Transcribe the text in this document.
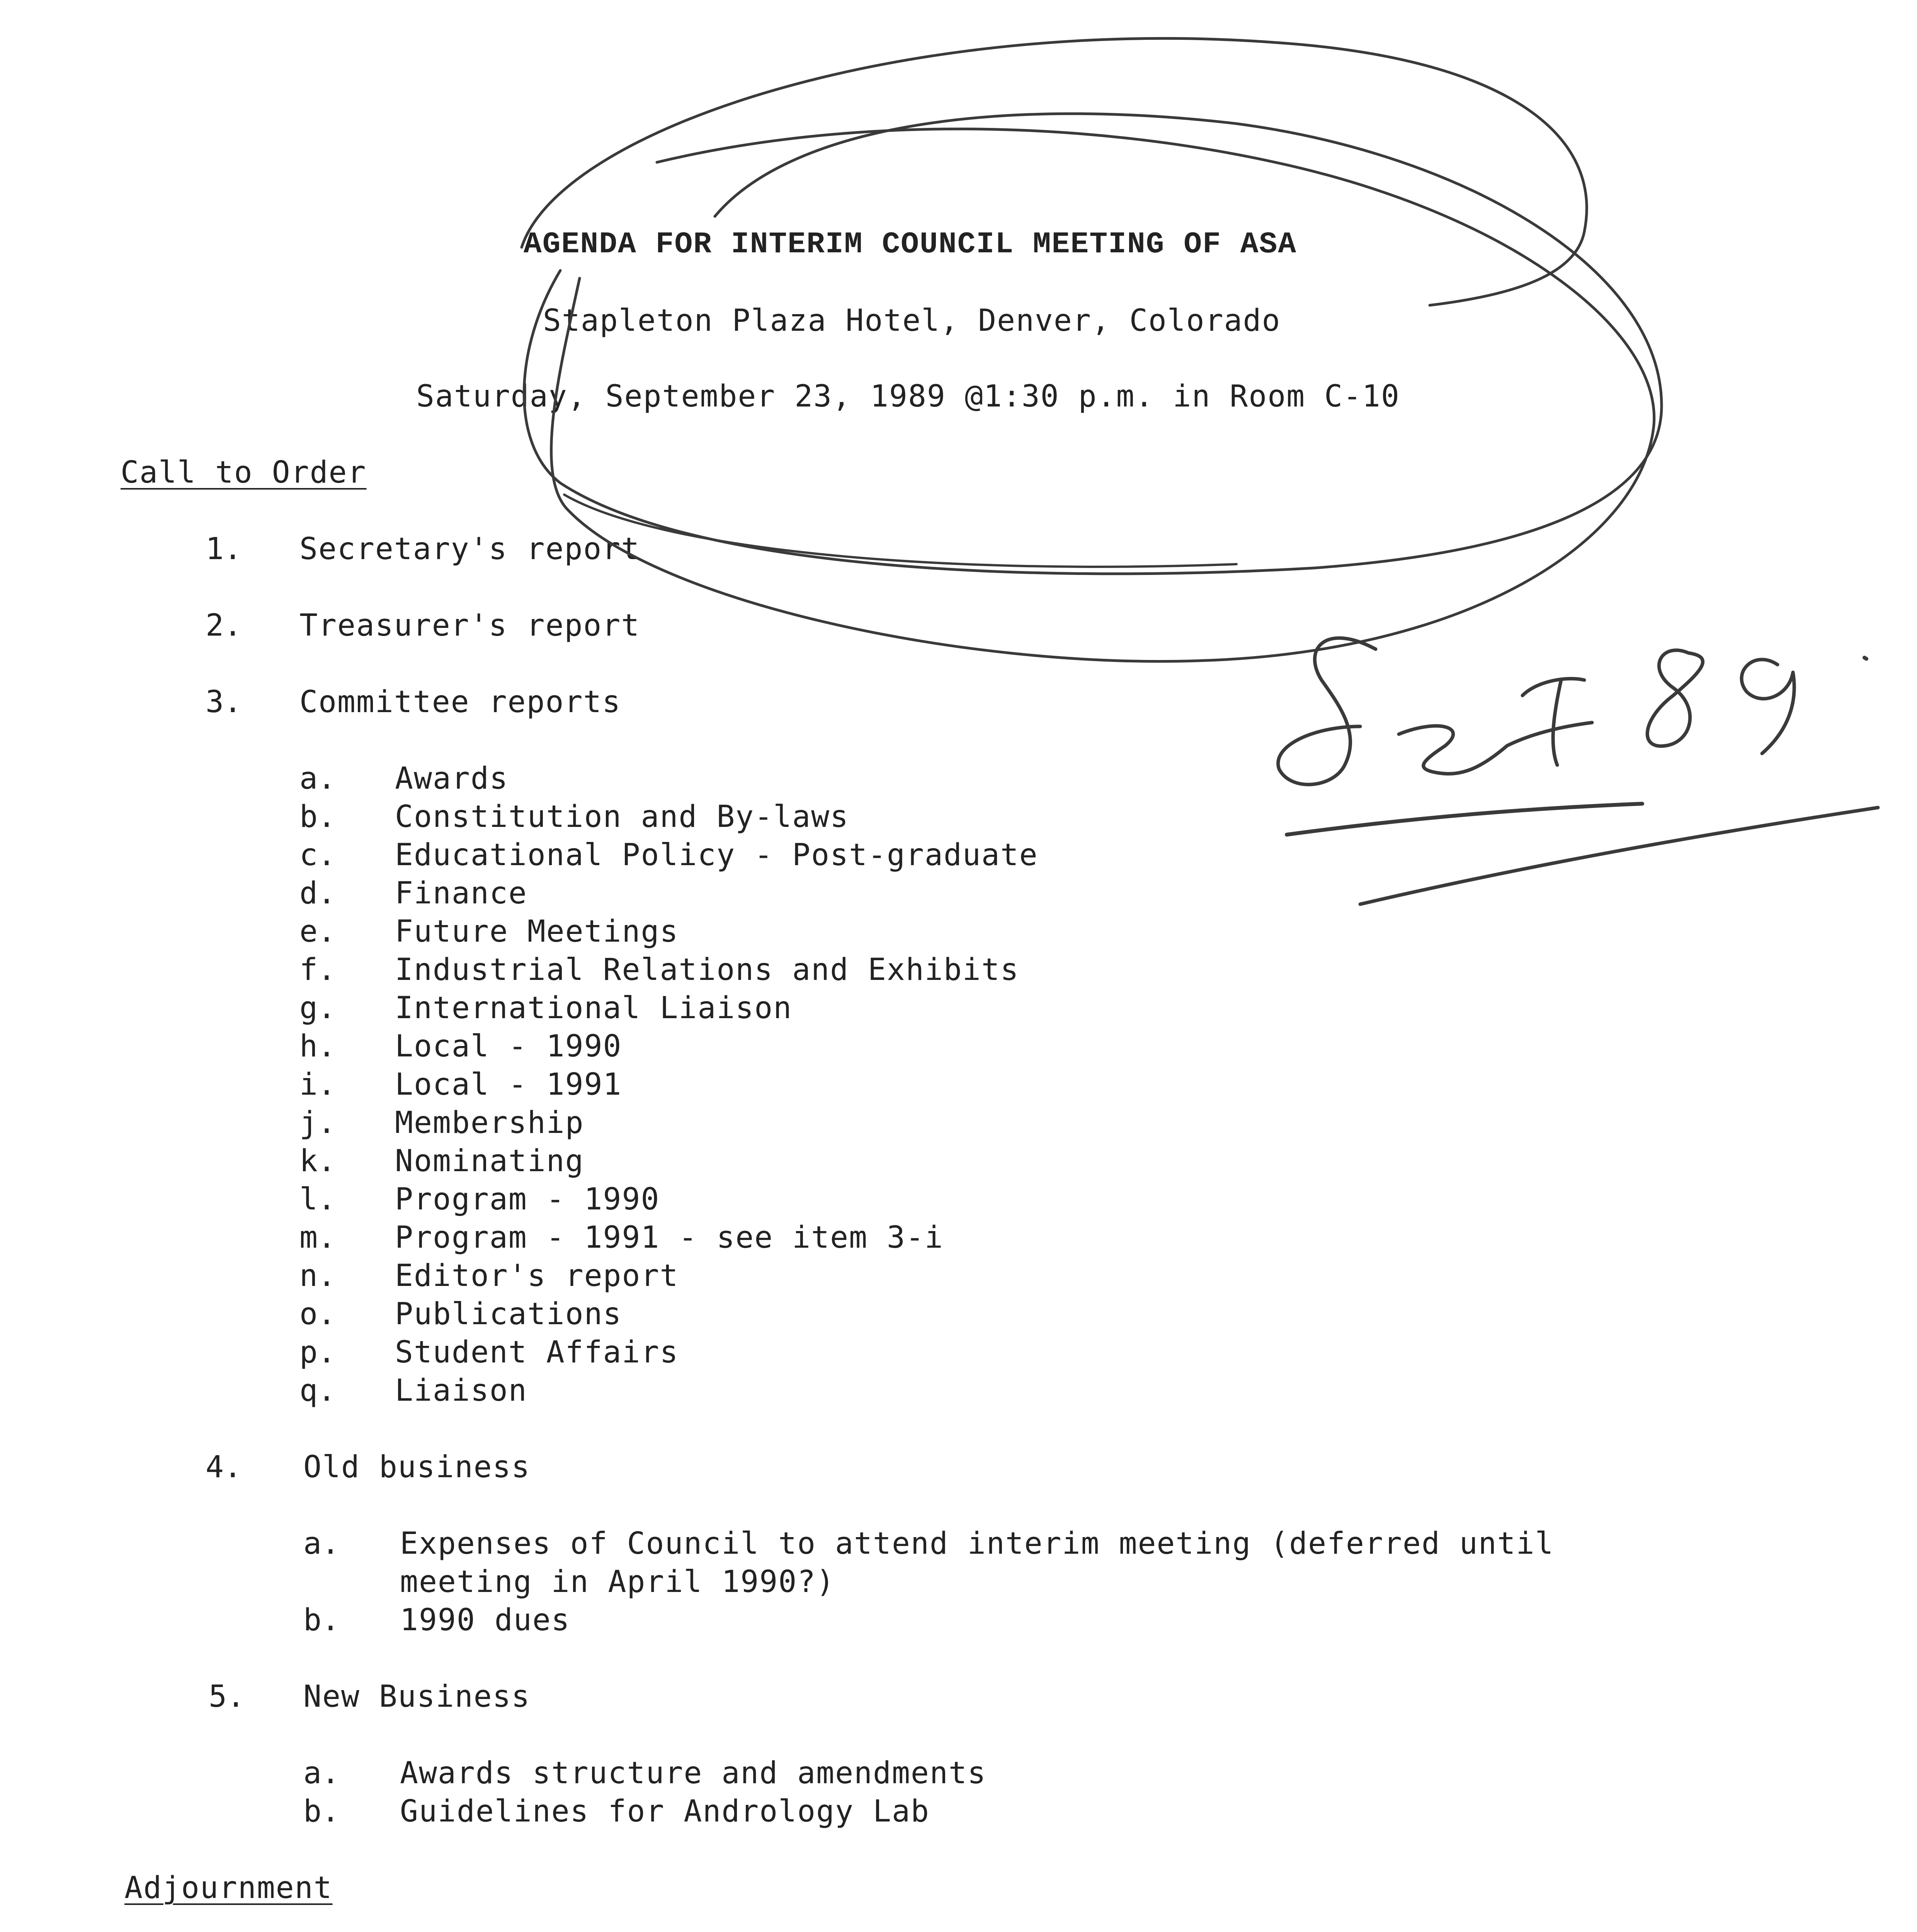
AGENDA FOR INTERIM COUNCIL MEETING OF ASA
Stapleton Plaza Hotel, Denver, Colorado
Saturday, September 23, 1989 @1:30 p.m. in Room C-10
Call to Order
1. Secretary's report
2. Treasurer's report
3. Committee reports
a. Awards
b. Constitution and By-laws
c. Educational Policy - Post-graduate
d. Finance
e. Future Meetings
f. Industrial Relations and Exhibits
g. International Liaison
h. Local - 1990
i. Local - 1991
j. Membership
k. Nominating
l. Program - 1990
m. Program - 1991 - see item 3-i
n. Editor's report
o. Publications
p. Student Affairs
q. Liaison
4. Old business
a. Expenses of Council to attend interim meeting (deferred until
meeting in April 1990?)
b. 1990 dues
5. New Business
a. Awards structure and amendments
b. Guidelines for Andrology Lab
Adjournment
